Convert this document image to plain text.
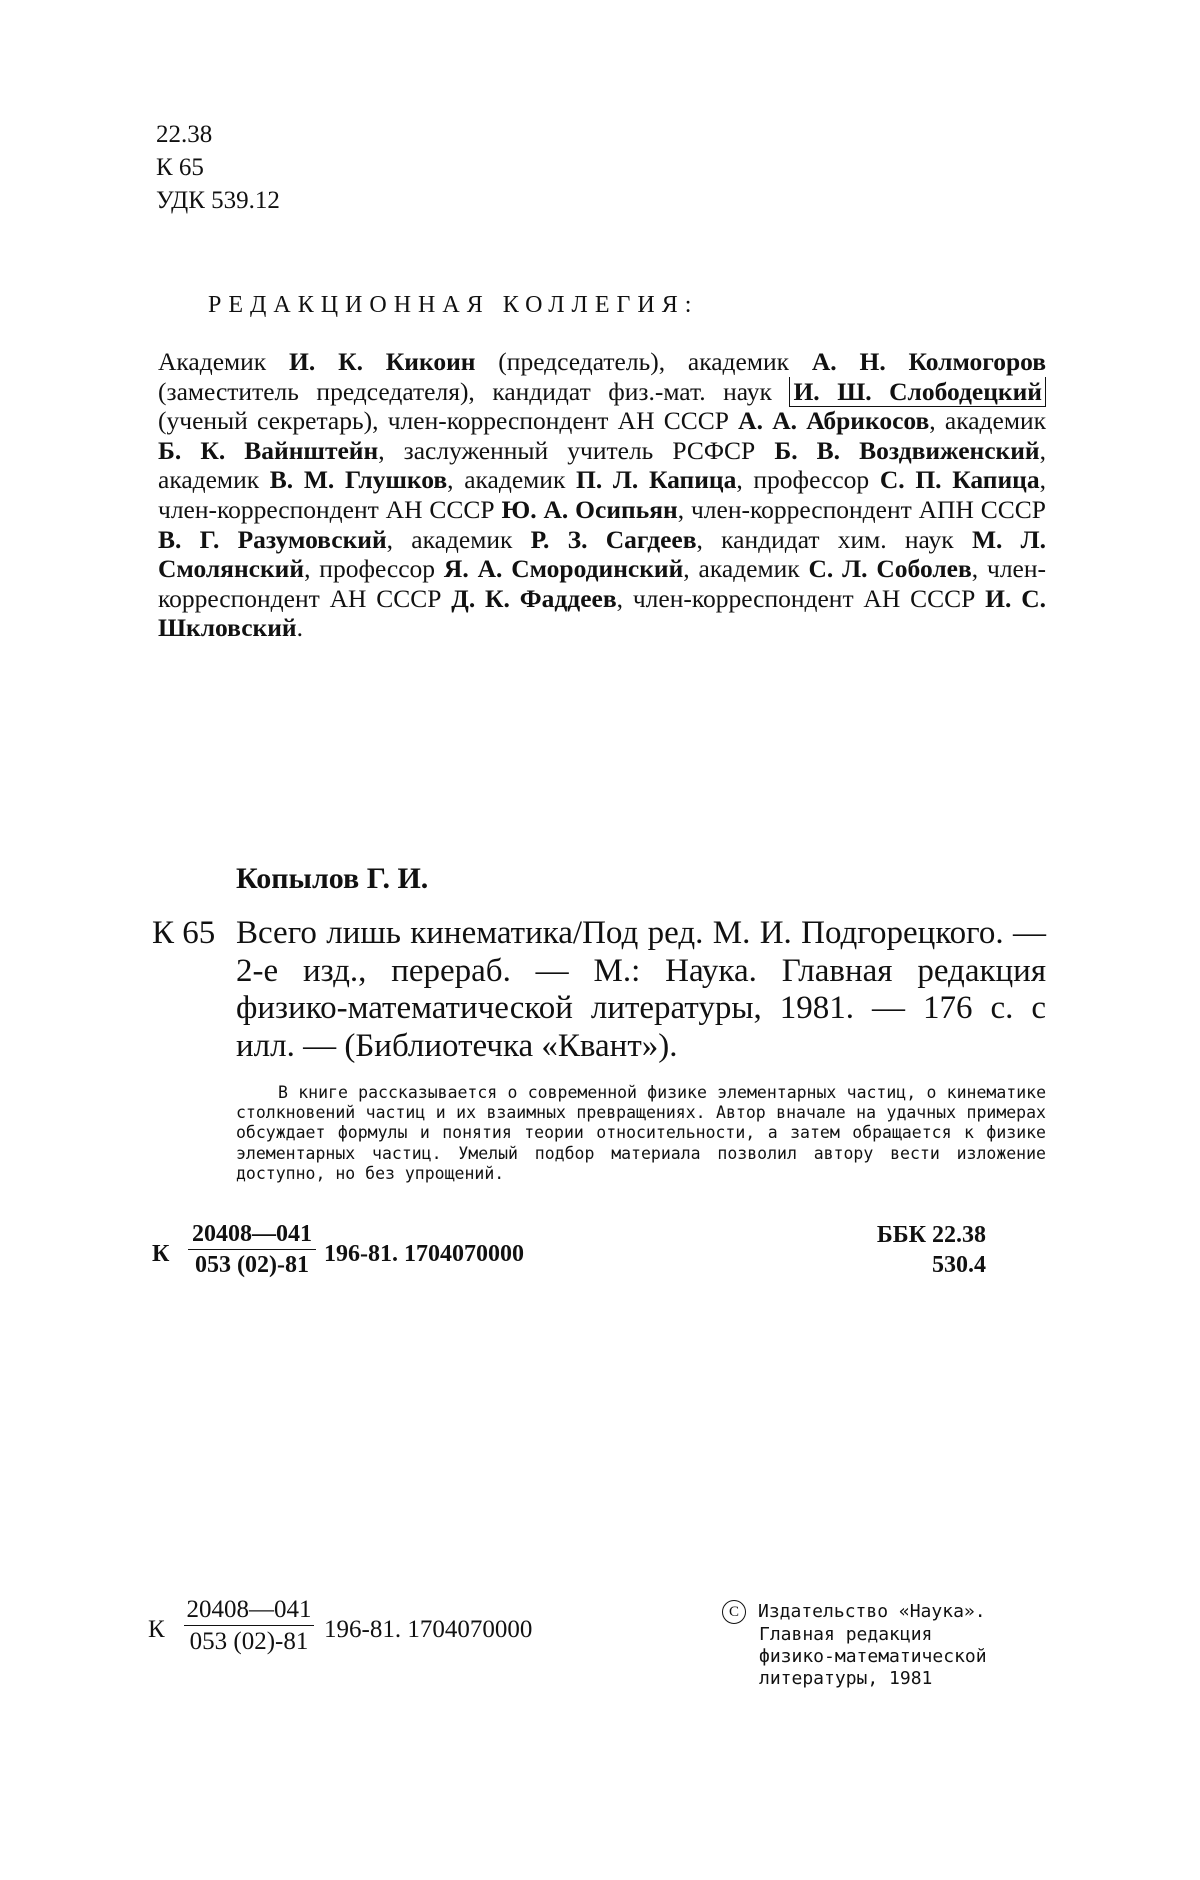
22.38
К 65
УДК 539.12
РЕДАКЦИОННАЯ КОЛЛЕГИЯ:
Академик И. К. Кикоин (председатель), академик А. Н. Колмогоров (заместитель председателя), кандидат физ.-мат. наук И. Ш. Слободецкий (ученый секретарь), член-корреспондент АН СССР А. А. Абрикосов, академик Б. К. Вайнштейн, заслуженный учитель РСФСР Б. В. Воздвиженский, академик В. М. Глушков, академик П. Л. Капица, профессор С. П. Капица, член-корреспондент АН СССР Ю. А. Осипьян, член-корреспондент АПН СССР В. Г. Разумовский, академик Р. З. Сагдеев, кандидат хим. наук М. Л. Смолянский, профессор Я. А. Смородинский, академик С. Л. Соболев, член-корреспондент АН СССР Д. К. Фаддеев, член-корреспондент АН СССР И. С. Шкловский.
Копылов Г. И.
К 65 Всего лишь кинематика/Под ред. М. И. Подгорецкого. — 2-е изд., перераб. — М.: Наука. Главная редакция физико-математической литературы, 1981. — 176 с. с илл. — (Библиотечка «Квант»).
В книге рассказывается о современной физике элементарных частиц, о кинематике столкновений частиц и их взаимных превращениях. Автор вначале на удачных примерах обсуждает формулы и понятия теории относительности, а затем обращается к физике элементарных частиц. Умелый подбор материала позволил автору вести изложение доступно, но без упрощений.
К $\frac{20408—041}{053 (02)-81} 196-81$. 1704070000
ББК 22.38
530.4
К $\frac{20408—041}{053 (02)-81} 196-81$. 1704070000
C Издательство «Наука».
Главная редакция
физико-математической
литературы, 1981
